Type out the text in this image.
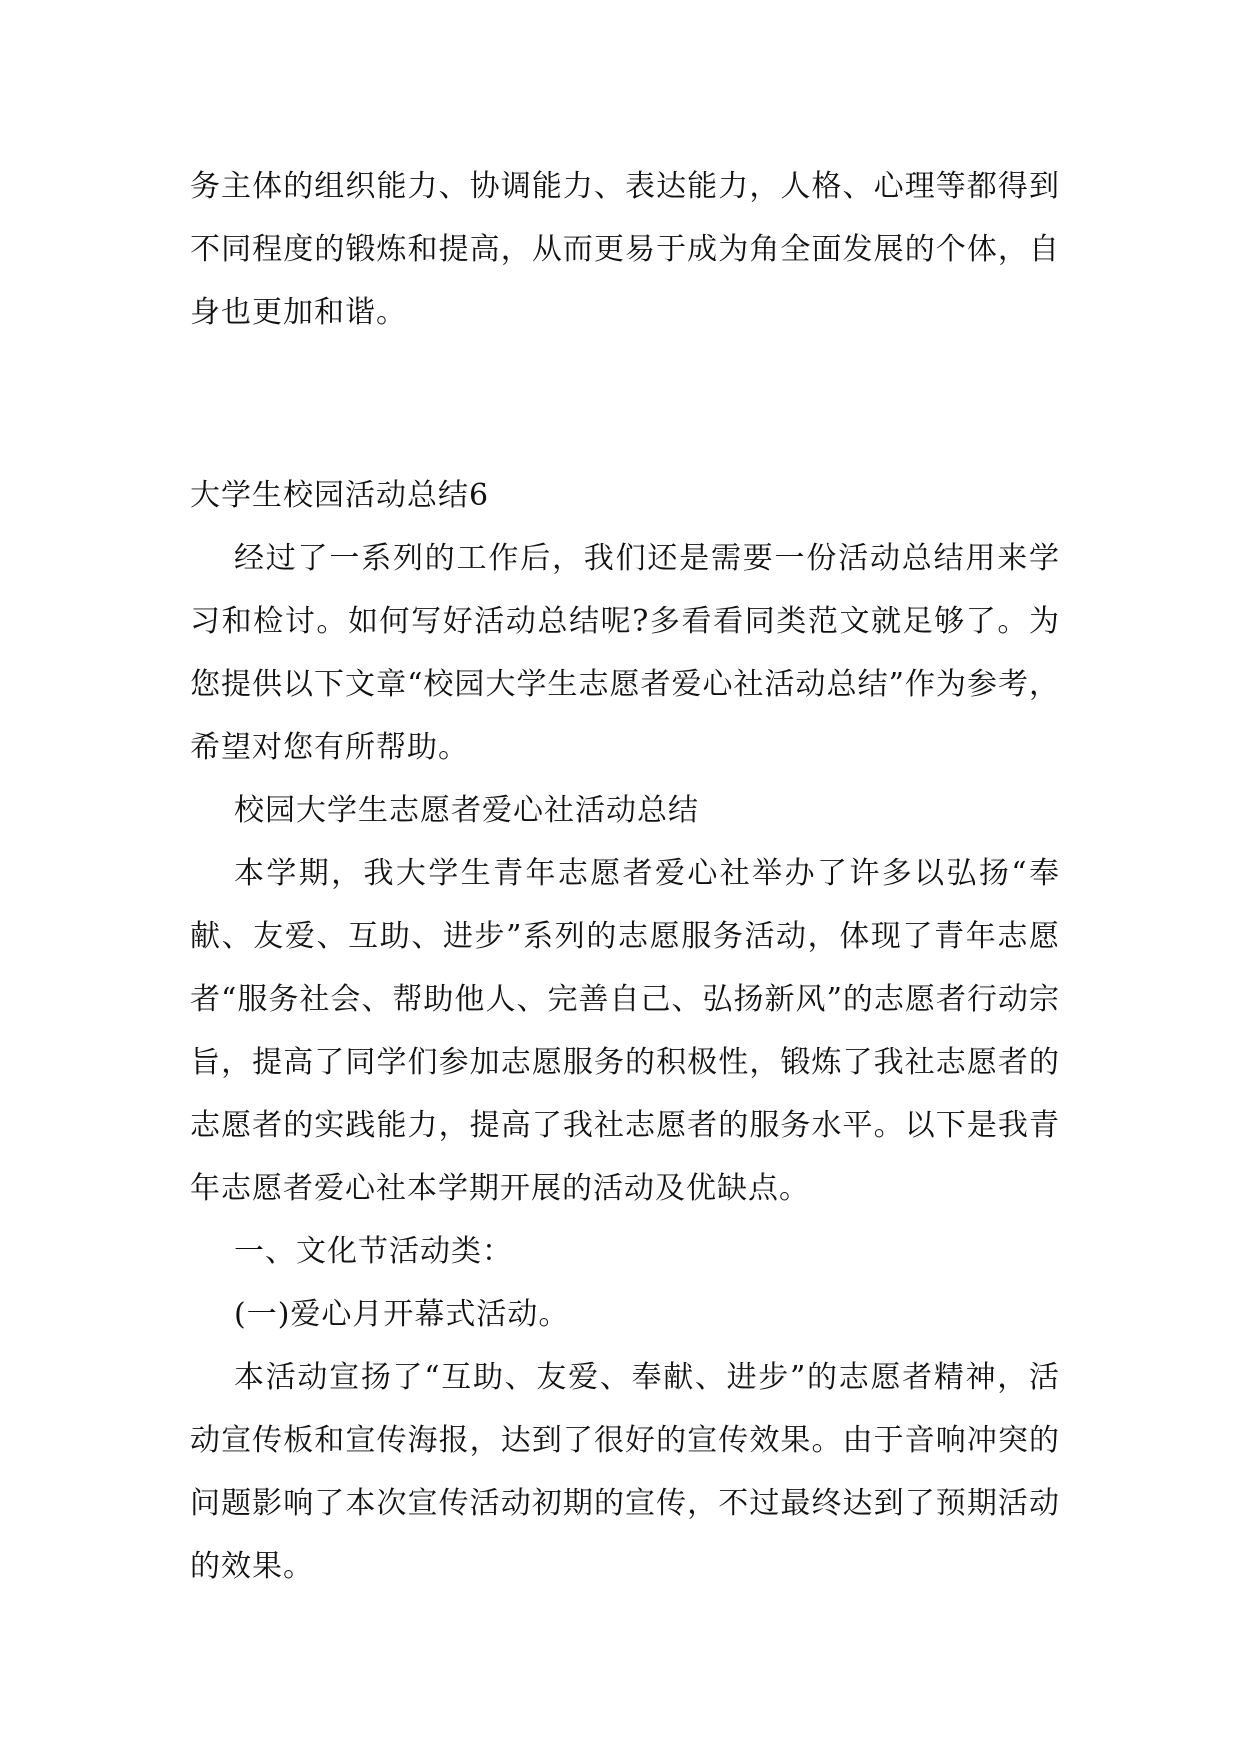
务主体的组织能力、协调能力、表达能力，人格、心理等都得到不同程度的锻炼和提高，从而更易于成为角全面发展的个体，自身也更加和谐。

大学生校园活动总结6

经过了一系列的工作后，我们还是需要一份活动总结用来学习和检讨。如何写好活动总结呢?多看看同类范文就足够了。为您提供以下文章“校园大学生志愿者爱心社活动总结”作为参考，希望对您有所帮助。

校园大学生志愿者爱心社活动总结

本学期，我大学生青年志愿者爱心社举办了许多以弘扬“奉献、友爱、互助、进步”系列的志愿服务活动，体现了青年志愿者“服务社会、帮助他人、完善自己、弘扬新风”的志愿者行动宗旨，提高了同学们参加志愿服务的积极性，锻炼了我社志愿者的志愿者的实践能力，提高了我社志愿者的服务水平。以下是我青年志愿者爱心社本学期开展的活动及优缺点。

一、文化节活动类：

(一)爱心月开幕式活动。

本活动宣扬了“互助、友爱、奉献、进步”的志愿者精神，活动宣传板和宣传海报，达到了很好的宣传效果。由于音响冲突的问题影响了本次宣传活动初期的宣传，不过最终达到了预期活动的效果。
